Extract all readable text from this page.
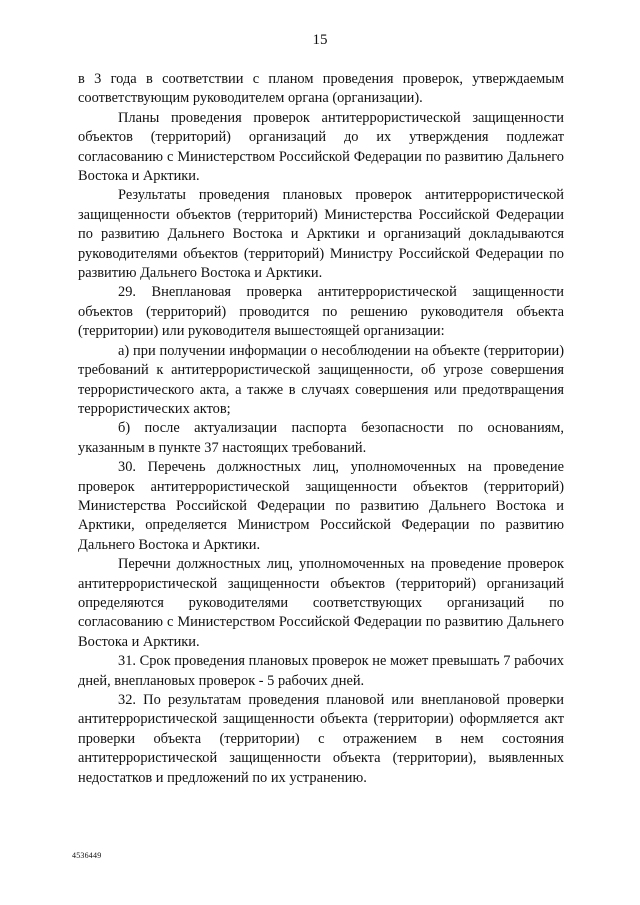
15

в 3 года в соответствии с планом проведения проверок, утверждаемым соответствующим руководителем органа (организации).

Планы проведения проверок антитеррористической защищенности объектов (территорий) организаций до их утверждения подлежат согласованию с Министерством Российской Федерации по развитию Дальнего Востока и Арктики.

Результаты проведения плановых проверок антитеррористической защищенности объектов (территорий) Министерства Российской Федерации по развитию Дальнего Востока и Арктики и организаций докладываются руководителями объектов (территорий) Министру Российской Федерации по развитию Дальнего Востока и Арктики.

29. Внеплановая проверка антитеррористической защищенности объектов (территорий) проводится по решению руководителя объекта (территории) или руководителя вышестоящей организации:

а) при получении информации о несоблюдении на объекте (территории) требований к антитеррористической защищенности, об угрозе совершения террористического акта, а также в случаях совершения или предотвращения террористических актов;

б) после актуализации паспорта безопасности по основаниям, указанным в пункте 37 настоящих требований.

30. Перечень должностных лиц, уполномоченных на проведение проверок антитеррористической защищенности объектов (территорий) Министерства Российской Федерации по развитию Дальнего Востока и Арктики, определяется Министром Российской Федерации по развитию Дальнего Востока и Арктики.

Перечни должностных лиц, уполномоченных на проведение проверок антитеррористической защищенности объектов (территорий) организаций определяются руководителями соответствующих организаций по согласованию с Министерством Российской Федерации по развитию Дальнего Востока и Арктики.

31. Срок проведения плановых проверок не может превышать 7 рабочих дней, внеплановых проверок - 5 рабочих дней.

32. По результатам проведения плановой или внеплановой проверки антитеррористической защищенности объекта (территории) оформляется акт проверки объекта (территории) с отражением в нем состояния антитеррористической защищенности объекта (территории), выявленных недостатков и предложений по их устранению.

4536449
